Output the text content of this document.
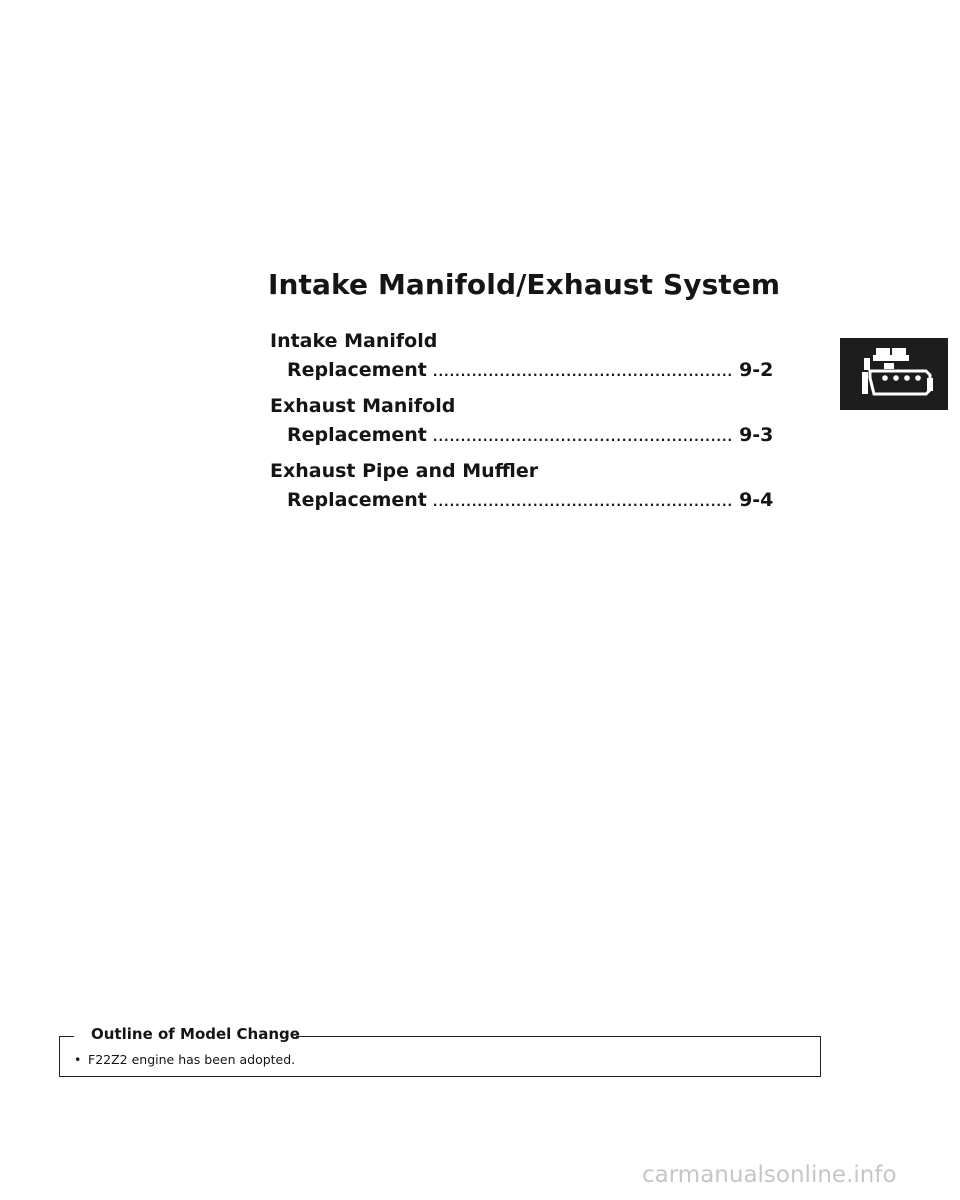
Intake Manifold/Exhaust System
Intake Manifold
Replacement ...................................................... 9-2
Exhaust Manifold
Replacement ...................................................... 9-3
Exhaust Pipe and Muffler
Replacement ...................................................... 9-4
Outline of Model Change
• F22Z2 engine has been adopted.
carmanualsonline.info
